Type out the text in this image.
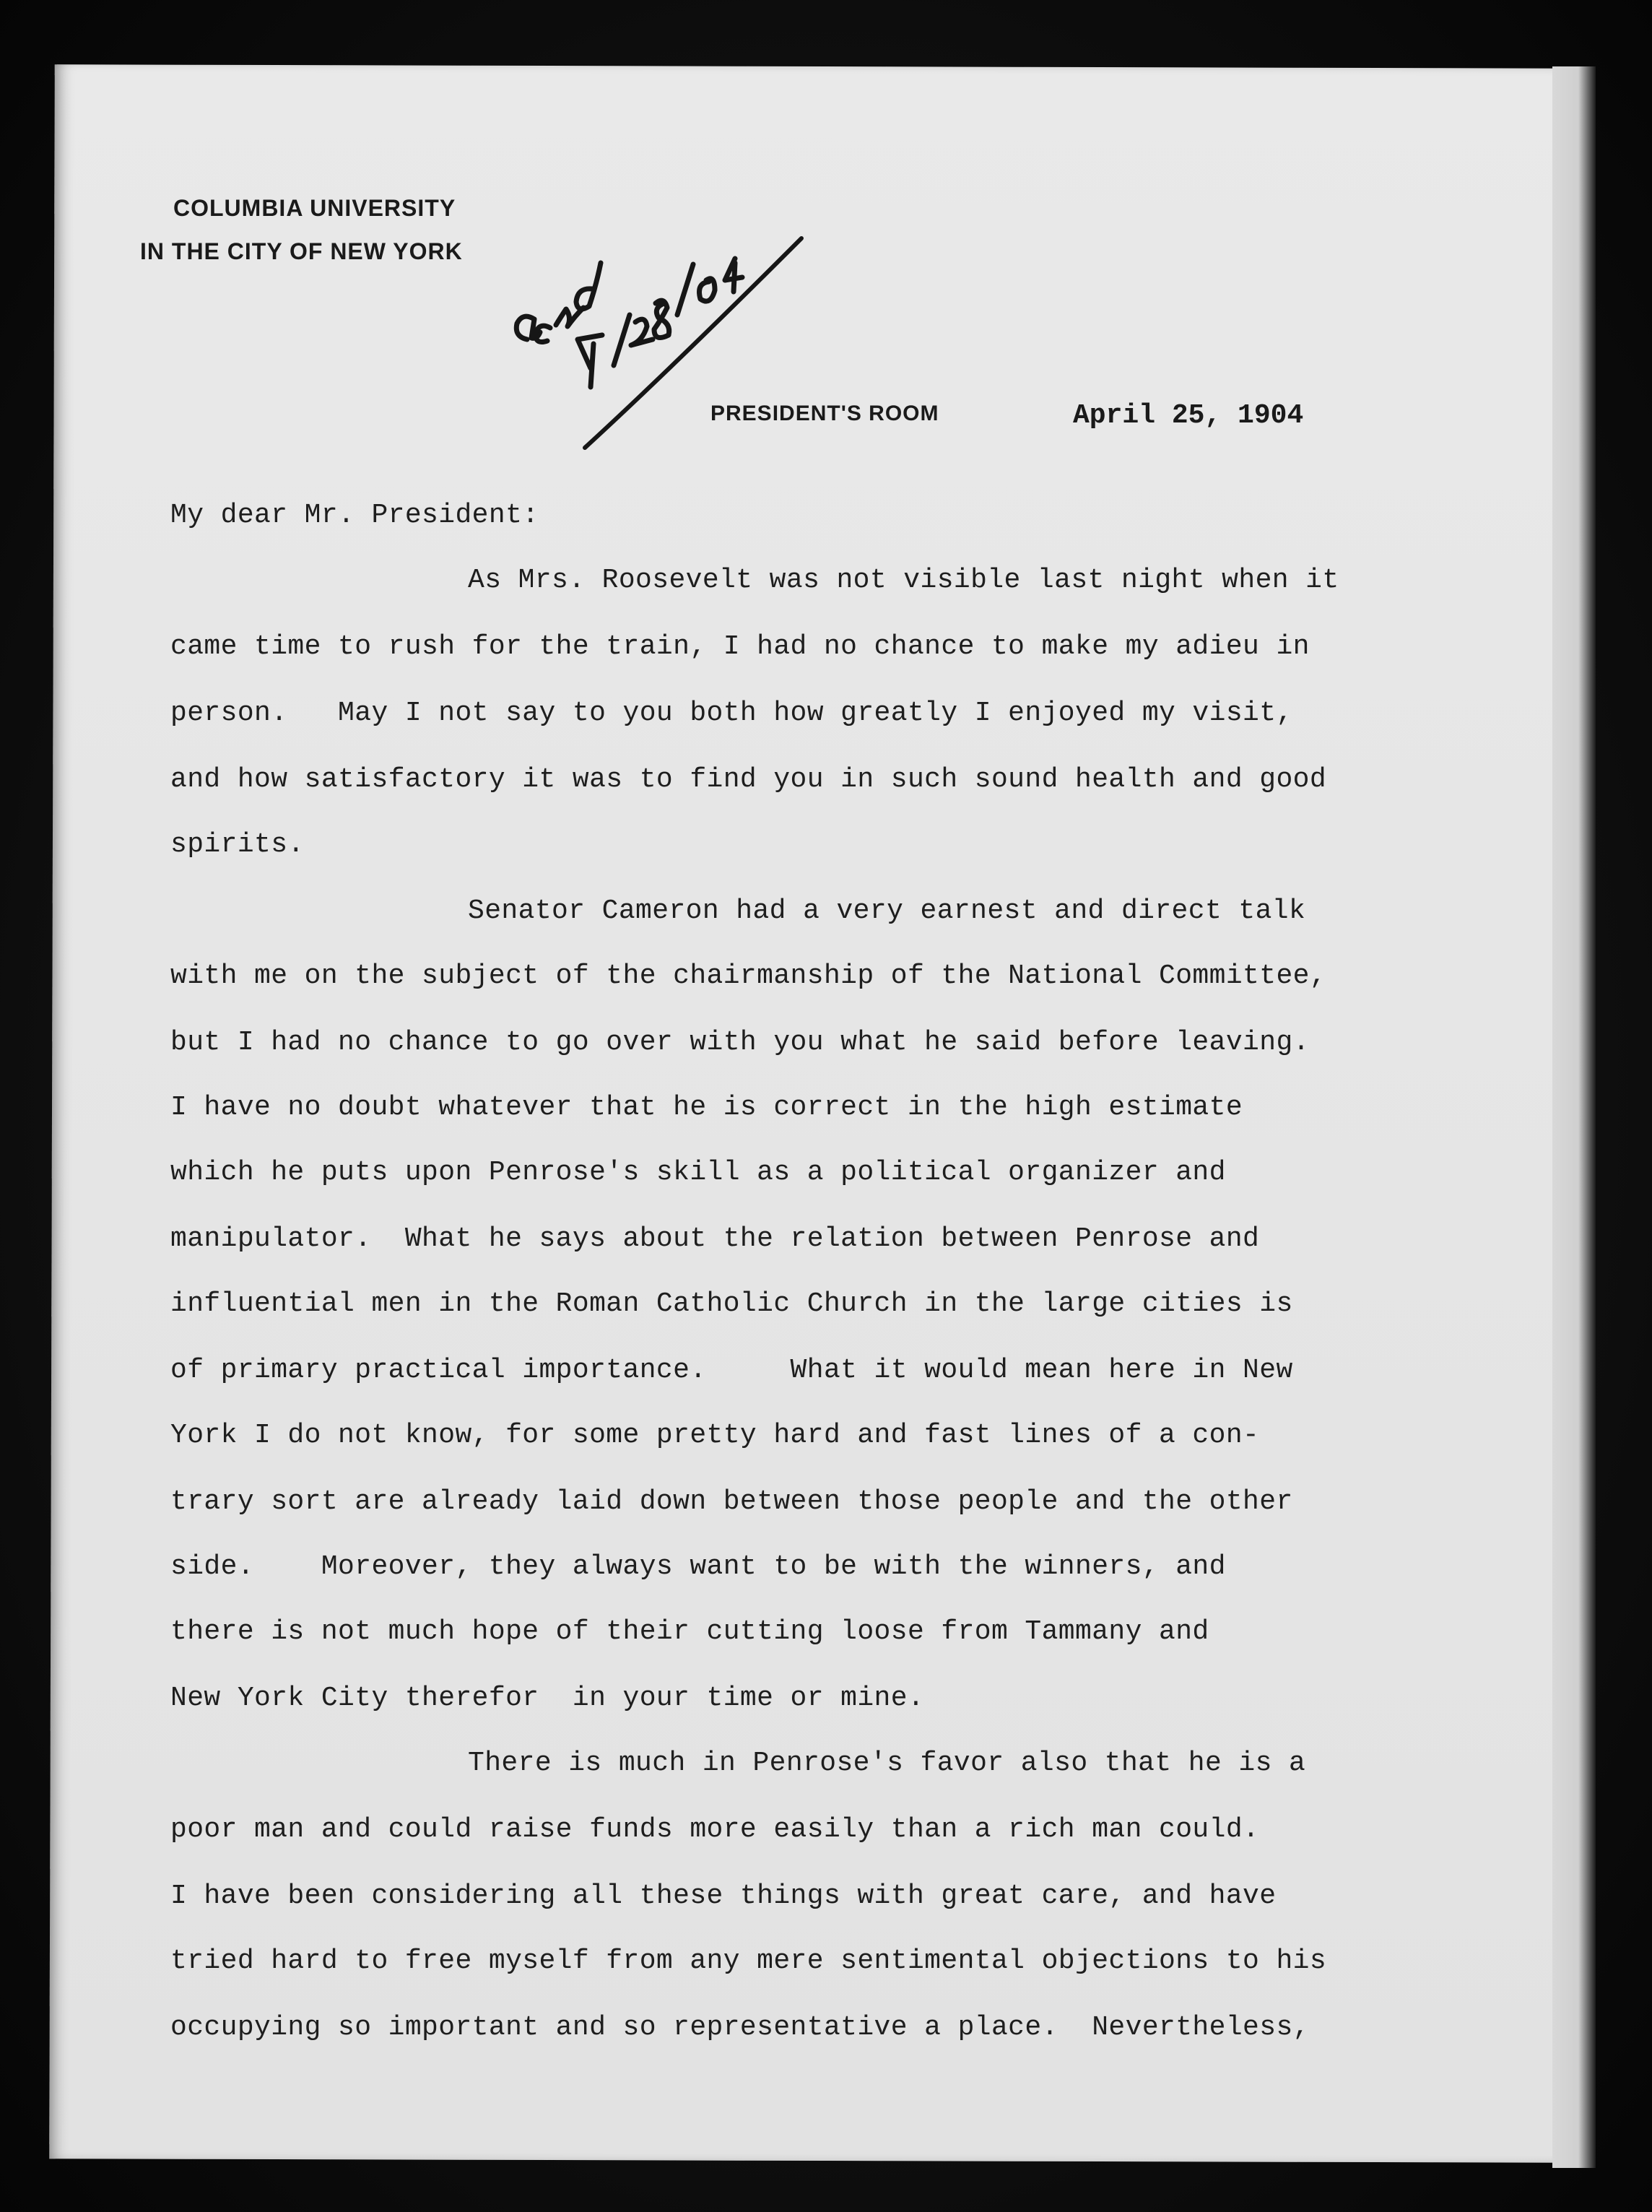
COLUMBIA UNIVERSITY
IN THE CITY OF NEW YORK
PRESIDENT'S ROOM	April 25, 1904
My dear Mr. President:
As Mrs. Roosevelt was not visible last night when it
came time to rush for the train, I had no chance to make my adieu in
person.   May I not say to you both how greatly I enjoyed my visit,
and how satisfactory it was to find you in such sound health and good
spirits.
Senator Cameron had a very earnest and direct talk
with me on the subject of the chairmanship of the National Committee,
but I had no chance to go over with you what he said before leaving.
I have no doubt whatever that he is correct in the high estimate
which he puts upon Penrose's skill as a political organizer and
manipulator.  What he says about the relation between Penrose and
influential men in the Roman Catholic Church in the large cities is
of primary practical importance.     What it would mean here in New
York I do not know, for some pretty hard and fast lines of a con-
trary sort are already laid down between those people and the other
side.    Moreover, they always want to be with the winners, and
there is not much hope of their cutting loose from Tammany and
New York City therefor  in your time or mine.
There is much in Penrose's favor also that he is a
poor man and could raise funds more easily than a rich man could.
I have been considering all these things with great care, and have
tried hard to free myself from any mere sentimental objections to his
occupying so important and so representative a place.  Nevertheless,
